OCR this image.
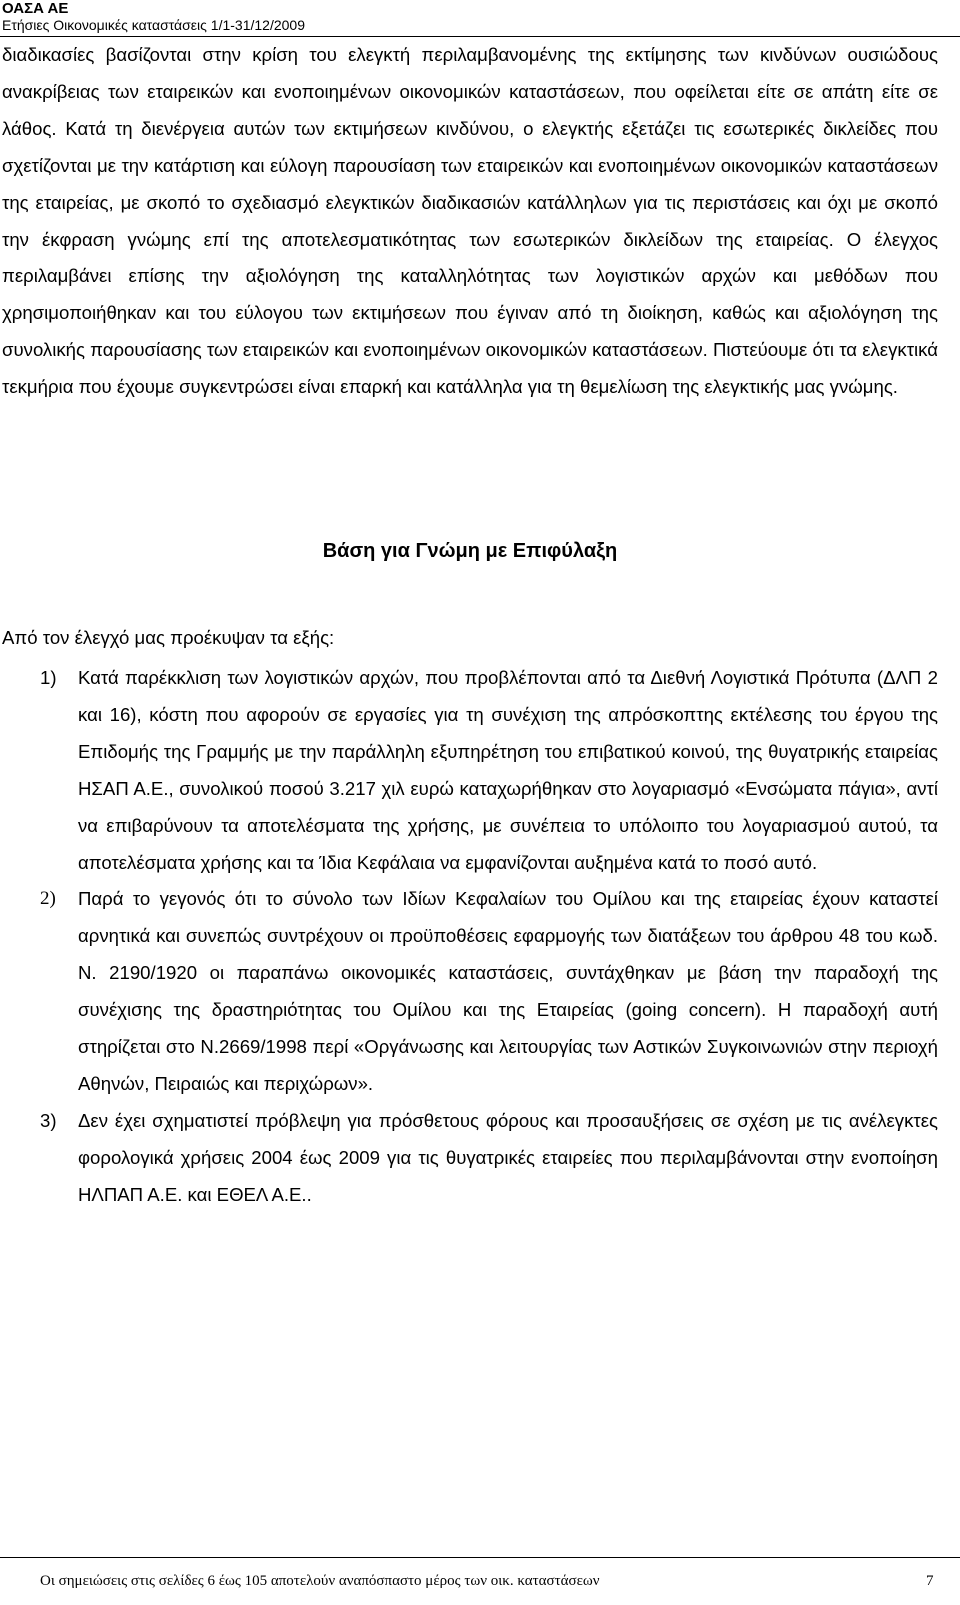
ΟΑΣΑ ΑΕ
Ετήσιες Οικονομικές καταστάσεις 1/1-31/12/2009

διαδικασίες βασίζονται στην κρίση του ελεγκτή περιλαμβανομένης της εκτίμησης των κινδύνων ουσιώδους ανακρίβειας των εταιρεικών και ενοποιημένων οικονομικών καταστάσεων, που οφείλεται είτε σε απάτη είτε σε λάθος. Κατά τη διενέργεια αυτών των εκτιμήσεων κινδύνου, ο ελεγκτής εξετάζει τις εσωτερικές δικλείδες που σχετίζονται με την κατάρτιση και εύλογη παρουσίαση των εταιρεικών και ενοποιημένων οικονομικών καταστάσεων της εταιρείας, με σκοπό το σχεδιασμό ελεγκτικών διαδικασιών κατάλληλων για τις περιστάσεις και όχι με σκοπό την έκφραση γνώμης επί της αποτελεσματικότητας των εσωτερικών δικλείδων της εταιρείας. Ο έλεγχος περιλαμβάνει επίσης την αξιολόγηση της καταλληλότητας των λογιστικών αρχών και μεθόδων που χρησιμοποιήθηκαν και του εύλογου των εκτιμήσεων που έγιναν από τη διοίκηση, καθώς και αξιολόγηση της συνολικής παρουσίασης των εταιρεικών και ενοποιημένων οικονομικών καταστάσεων. Πιστεύουμε ότι τα ελεγκτικά τεκμήρια που έχουμε συγκεντρώσει είναι επαρκή και κατάλληλα για τη θεμελίωση της ελεγκτικής μας γνώμης.

Βάση για Γνώμη με Επιφύλαξη

Από τον έλεγχό μας προέκυψαν τα εξής:

1) Κατά παρέκκλιση των λογιστικών αρχών, που προβλέπονται από τα Διεθνή Λογιστικά Πρότυπα (ΔΛΠ 2 και 16), κόστη που αφορούν σε εργασίες για τη συνέχιση της απρόσκοπτης εκτέλεσης του έργου της Επιδομής της Γραμμής με την παράλληλη εξυπηρέτηση του επιβατικού κοινού, της θυγατρικής εταιρείας ΗΣΑΠ Α.Ε., συνολικού ποσού 3.217 χιλ ευρώ καταχωρήθηκαν στο λογαριασμό «Ενσώματα πάγια», αντί να επιβαρύνουν τα αποτελέσματα της χρήσης, με συνέπεια το υπόλοιπο του λογαριασμού αυτού, τα αποτελέσματα χρήσης και τα Ίδια Κεφάλαια να εμφανίζονται αυξημένα κατά το ποσό αυτό.

2) Παρά το γεγονός ότι το σύνολο των Ιδίων Κεφαλαίων του Ομίλου και της εταιρείας έχουν καταστεί αρνητικά και συνεπώς συντρέχουν οι προϋποθέσεις εφαρμογής των διατάξεων του άρθρου 48 του κωδ. Ν. 2190/1920 οι παραπάνω οικονομικές καταστάσεις, συντάχθηκαν με βάση την παραδοχή της συνέχισης της δραστηριότητας του Ομίλου και της Εταιρείας (going concern). Η παραδοχή αυτή στηρίζεται στο Ν.2669/1998 περί «Οργάνωσης και λειτουργίας των Αστικών Συγκοινωνιών στην περιοχή Αθηνών, Πειραιώς και περιχώρων».

3) Δεν έχει σχηματιστεί πρόβλεψη για πρόσθετους φόρους και προσαυξήσεις σε σχέση με τις ανέλεγκτες φορολογικά χρήσεις 2004 έως 2009 για τις θυγατρικές εταιρείες που περιλαμβάνονται στην ενοποίηση ΗΛΠΑΠ Α.Ε. και ΕΘΕΛ Α.Ε..

Οι σημειώσεις στις σελίδες 6 έως 105 αποτελούν αναπόσπαστο μέρος των οικ. καταστάσεων	7
